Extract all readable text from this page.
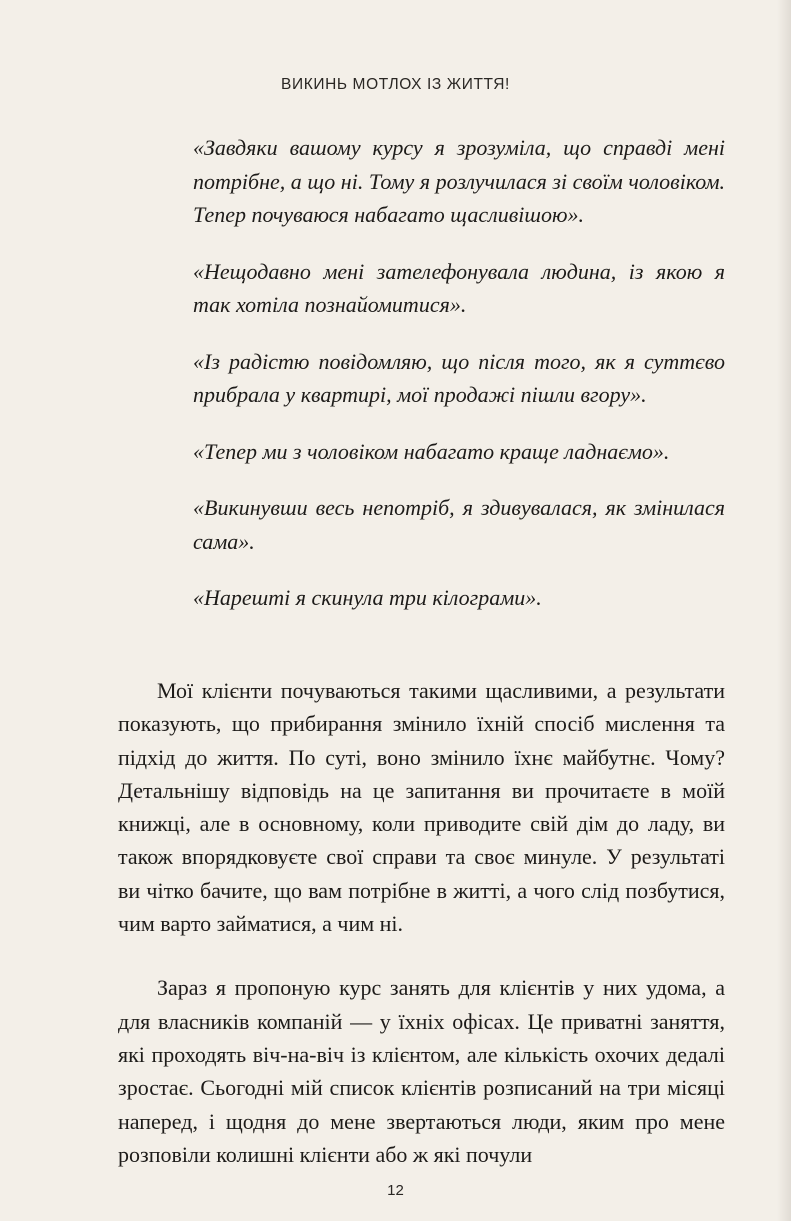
ВИКИНЬ МОТЛОХ ІЗ ЖИТТЯ!

«Завдяки вашому курсу я зрозуміла, що справді мені потрібне, а що ні. Тому я розлучилася зі своїм чоловіком. Тепер почуваюся набагато щасливішою».

«Нещодавно мені зателефонувала людина, із якою я так хотіла познайомитися».

«Із радістю повідомляю, що після того, як я суттєво прибрала у квартирі, мої продажі пішли вгору».

«Тепер ми з чоловіком набагато краще ладнаємо».

«Викинувши весь непотріб, я здивувалася, як змінилася сама».

«Нарешті я скинула три кілограми».

Мої клієнти почуваються такими щасливими, а результати показують, що прибирання змінило їхній спосіб мислення та підхід до життя. По суті, воно змінило їхнє майбутнє. Чому? Детальнішу відповідь на це запитання ви прочитаєте в моїй книжці, але в основному, коли приводите свій дім до ладу, ви також впорядковуєте свої справи та своє минуле. У результаті ви чітко бачите, що вам потрібне в житті, а чого слід позбутися, чим варто займатися, а чим ні.

Зараз я пропоную курс занять для клієнтів у них удома, а для власників компаній — у їхніх офісах. Це приватні заняття, які проходять віч-на-віч із клієнтом, але кількість охочих дедалі зростає. Сьогодні мій список клієнтів розписаний на три місяці наперед, і щодня до мене звертаються люди, яким про мене розповіли колишні клієнти або ж які почули

12
